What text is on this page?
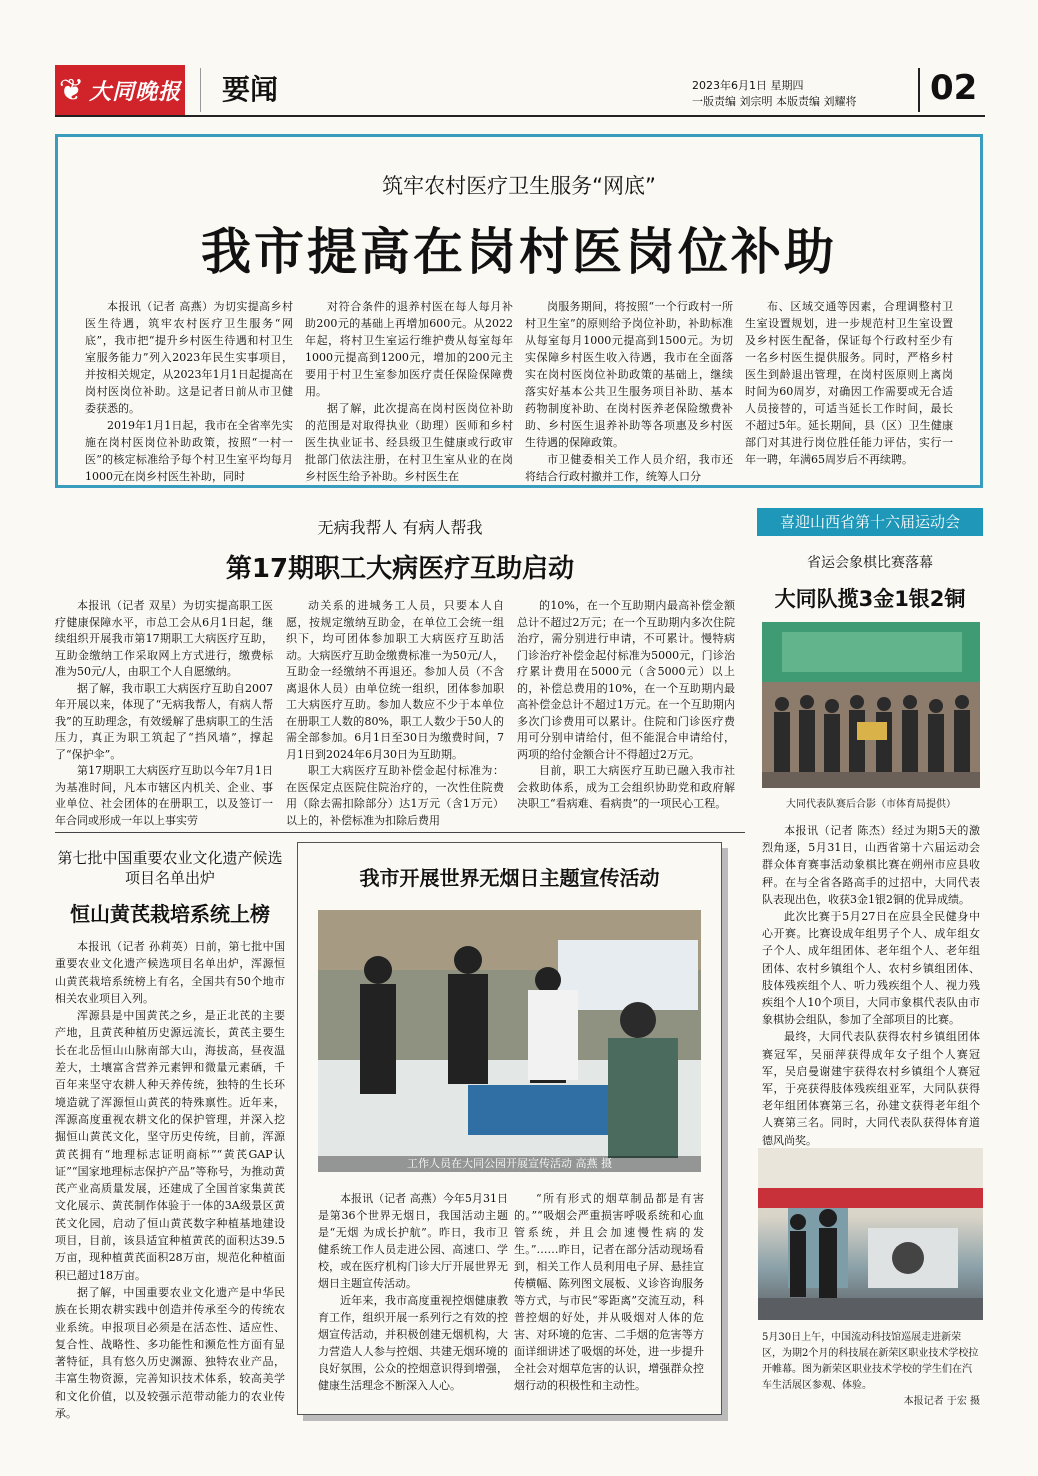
❦ 大同晚报 要闻	2023年6月1日 星期四
一版责编 刘宗明 本版责编 刘耀将 02
筑牢农村医疗卫生服务“网底”
我市提高在岗村医岗位补助

本报讯（记者 高燕）为切实提高乡村医生待遇，筑牢农村医疗卫生服务“网底”，我市把“提升乡村医生待遇和村卫生室服务能力”列入2023年民生实事项目，并按相关规定，从2023年1月1日起提高在岗村医岗位补助。这是记者日前从市卫健委获悉的。

2019年1月1日起，我市在全省率先实施在岗村医岗位补助政策，按照“一村一医”的核定标准给予每个村卫生室平均每月1000元在岗乡村医生补助，同时

对符合条件的退养村医在每人每月补助200元的基础上再增加600元。从2022年起，将村卫生室运行维护费从每室每年1000元提高到1200元，增加的200元主要用于村卫生室参加医疗责任保险保障费用。

据了解，此次提高在岗村医岗位补助的范围是对取得执业（助理）医师和乡村医生执业证书、经县级卫生健康或行政审批部门依法注册，在村卫生室从业的在岗乡村医生给予补助。乡村医生在

岗服务期间，将按照“一个行政村一所村卫生室”的原则给予岗位补助，补助标准从每室每月1000元提高到1500元。为切实保障乡村医生收入待遇，我市在全面落实在岗村医岗位补助政策的基础上，继续落实好基本公共卫生服务项目补助、基本药物制度补助、在岗村医养老保险缴费补助、乡村医生退养补助等各项惠及乡村医生待遇的保障政策。

市卫健委相关工作人员介绍，我市还将结合行政村撤并工作，统筹人口分

布、区域交通等因素，合理调整村卫生室设置规划，进一步规范村卫生室设置及乡村医生配备，保证每个行政村至少有一名乡村医生提供服务。同时，严格乡村医生到龄退出管理，在岗村医原则上离岗时间为60周岁，对确因工作需要或无合适人员接替的，可适当延长工作时间，最长不超过5年。延长期间，县（区）卫生健康部门对其进行岗位胜任能力评估，实行一年一聘，年满65周岁后不再续聘。

无病我帮人 有病人帮我
第17期职工大病医疗互助启动

本报讯（记者 双星）为切实提高职工医疗健康保障水平，市总工会从6月1日起，继续组织开展我市第17期职工大病医疗互助，互助金缴纳工作采取网上方式进行，缴费标准为50元/人，由职工个人自愿缴纳。

据了解，我市职工大病医疗互助自2007年开展以来，体现了“无病我帮人，有病人帮我”的互助理念，有效缓解了患病职工的生活压力，真正为职工筑起了“挡风墙”，撑起了“保护伞”。

第17期职工大病医疗互助以今年7月1日为基准时间，凡本市辖区内机关、企业、事业单位、社会团体的在册职工，以及签订一年合同或形成一年以上事实劳

动关系的进城务工人员，只要本人自愿，按规定缴纳互助金，在单位工会统一组织下，均可团体参加职工大病医疗互助活动。大病医疗互助金缴费标准一为50元/人，互助金一经缴纳不再退还。参加人员（不含离退休人员）由单位统一组织，团体参加职工大病医疗互助。参加人数应不少于本单位在册职工人数的80%，职工人数少于50人的需全部参加。6月1日至30日为缴费时间，7月1日到2024年6月30日为互助期。

职工大病医疗互助补偿金起付标准为：在医保定点医院住院治疗的，一次性住院费用（除去需扣除部分）达1万元（含1万元）以上的，补偿标准为扣除后费用

的10%，在一个互助期内最高补偿金额总计不超过2万元；在一个互助期内多次住院治疗，需分别进行申请，不可累计。慢特病门诊治疗补偿金起付标准为5000元，门诊治疗累计费用在5000元（含5000元）以上的，补偿总费用的10%，在一个互助期内最高补偿金总计不超过1万元。在一个互助期内多次门诊费用可以累计。住院和门诊医疗费用可分别申请给付，但不能混合申请给付，两项的给付金额合计不得超过2万元。

目前，职工大病医疗互助已融入我市社会救助体系，成为工会组织协助党和政府解决职工“看病难、看病贵”的一项民心工程。

喜迎山西省第十六届运动会
省运会象棋比赛落幕
大同队揽3金1银2铜
大同代表队赛后合影（市体育局提供）

本报讯（记者 陈杰）经过为期5天的激烈角逐，5月31日，山西省第十六届运动会群众体育赛事活动象棋比赛在朔州市应县收秤。在与全省各路高手的过招中，大同代表队表现出色，收获3金1银2铜的优异成绩。

此次比赛于5月27日在应县全民健身中心开赛。比赛设成年组男子个人、成年组女子个人、成年组团体、老年组个人、老年组团体、农村乡镇组个人、农村乡镇组团体、肢体残疾组个人、听力残疾组个人、视力残疾组个人10个项目，大同市象棋代表队由市象棋协会组队，参加了全部项目的比赛。

最终，大同代表队获得农村乡镇组团体赛冠军，吴丽萍获得成年女子组个人赛冠军，吴启曼谢建宇获得农村乡镇组个人赛冠军，于亮获得肢体残疾组亚军，大同队获得老年组团体赛第三名，孙建文获得老年组个人赛第三名。同时，大同代表队获得体育道德风尚奖。

5月30日上午，中国流动科技馆巡展走进新荣区，为期2个月的科技展在新荣区职业技术学校拉开帷幕。图为新荣区职业技术学校的学生们在汽车生活展区参观、体验。

本报记者 于宏 摄
第七批中国重要农业文化遗产候选项目名单出炉
恒山黄芪栽培系统上榜

本报讯（记者 孙莉英）日前，第七批中国重要农业文化遗产候选项目名单出炉，浑源恒山黄芪栽培系统榜上有名，全国共有50个地市相关农业项目入列。

浑源县是中国黄芪之乡，是正北芪的主要产地，且黄芪种植历史源远流长，黄芪主要生长在北岳恒山山脉南部大山，海拔高，昼夜温差大，土壤富含营养元素钾和微量元素硒，千百年来坚守农耕人种天养传统，独特的生长环境造就了浑源恒山黄芪的特殊禀性。近年来，浑源高度重视农耕文化的保护管理，并深入挖掘恒山黄芪文化，坚守历史传统，目前，浑源黄芪拥有“地理标志证明商标”“黄芪GAP认证”“国家地理标志保护产品”等称号，为推动黄芪产业高质量发展，还建成了全国首家集黄芪文化展示、黄芪制作体验于一体的3A级景区黄芪文化园，启动了恒山黄芪数字种植基地建设项目，目前，该县适宜种植黄芪的面积达39.5万亩，现种植黄芪面积28万亩，规范化种植面积已超过18万亩。

据了解，中国重要农业文化遗产是中华民族在长期农耕实践中创造并传承至今的传统农业系统。申报项目必须是在活态性、适应性、复合性、战略性、多功能性和濒危性方面有显著特征，具有悠久历史渊源、独特农业产品，丰富生物资源，完善知识技术体系，较高美学和文化价值，以及较强示范带动能力的农业传承。

我市开展世界无烟日主题宣传活动
工作人员在大同公园开展宣传活动 高燕 摄

本报讯（记者 高燕）今年5月31日是第36个世界无烟日，我国活动主题是“无烟 为成长护航”。昨日，我市卫健系统工作人员走进公园、高速口、学校，或在医疗机构门诊大厅开展世界无烟日主题宣传活动。

近年来，我市高度重视控烟健康教育工作，组织开展一系列行之有效的控烟宣传活动，并积极创建无烟机构，大力营造人人参与控烟、共建无烟环境的良好氛围，公众的控烟意识得到增强，健康生活理念不断深入人心。

“所有形式的烟草制品都是有害的。”“吸烟会严重损害呼吸系统和心血管系统，并且会加速慢性病的发生。”……昨日，记者在部分活动现场看到，相关工作人员利用电子屏、悬挂宣传横幅、陈列图文展板、义诊咨询服务等方式，与市民“零距离”交流互动，科普控烟的好处，并从吸烟对人体的危害、对环境的危害、二手烟的危害等方面详细讲述了吸烟的坏处，进一步提升全社会对烟草危害的认识，增强群众控烟行动的积极性和主动性。
